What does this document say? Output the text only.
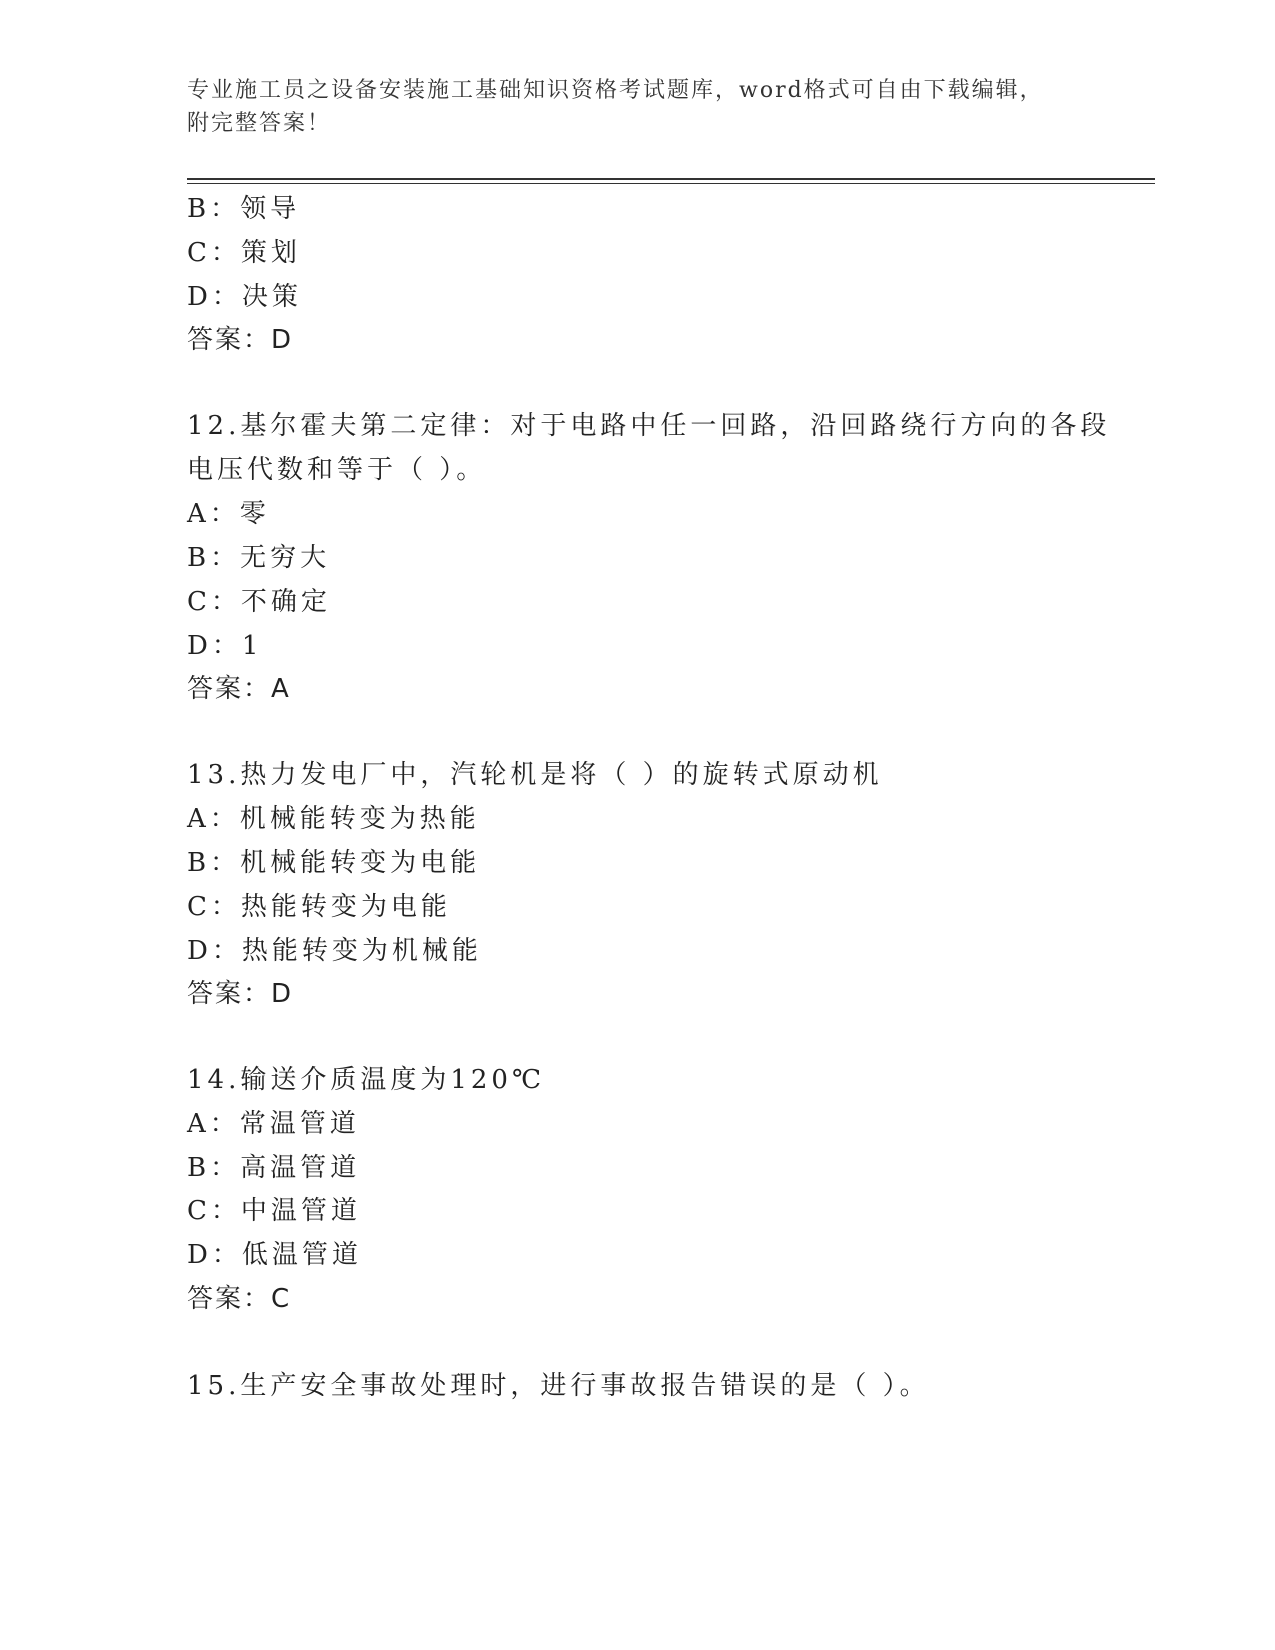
专业施工员之设备安装施工基础知识资格考试题库，word格式可自由下载编辑，
附完整答案！
B：领导
C：策划
D：决策
答案：D
12.基尔霍夫第二定律：对于电路中任一回路，沿回路绕行方向的各段
电压代数和等于（ ）。
A：零
B：无穷大
C：不确定
D：1
答案：A
13.热力发电厂中，汽轮机是将（ ）的旋转式原动机
A：机械能转变为热能
B：机械能转变为电能
C：热能转变为电能
D：热能转变为机械能
答案：D
14.输送介质温度为120℃
A：常温管道
B：高温管道
C：中温管道
D：低温管道
答案：C
15.生产安全事故处理时，进行事故报告错误的是（ ）。
